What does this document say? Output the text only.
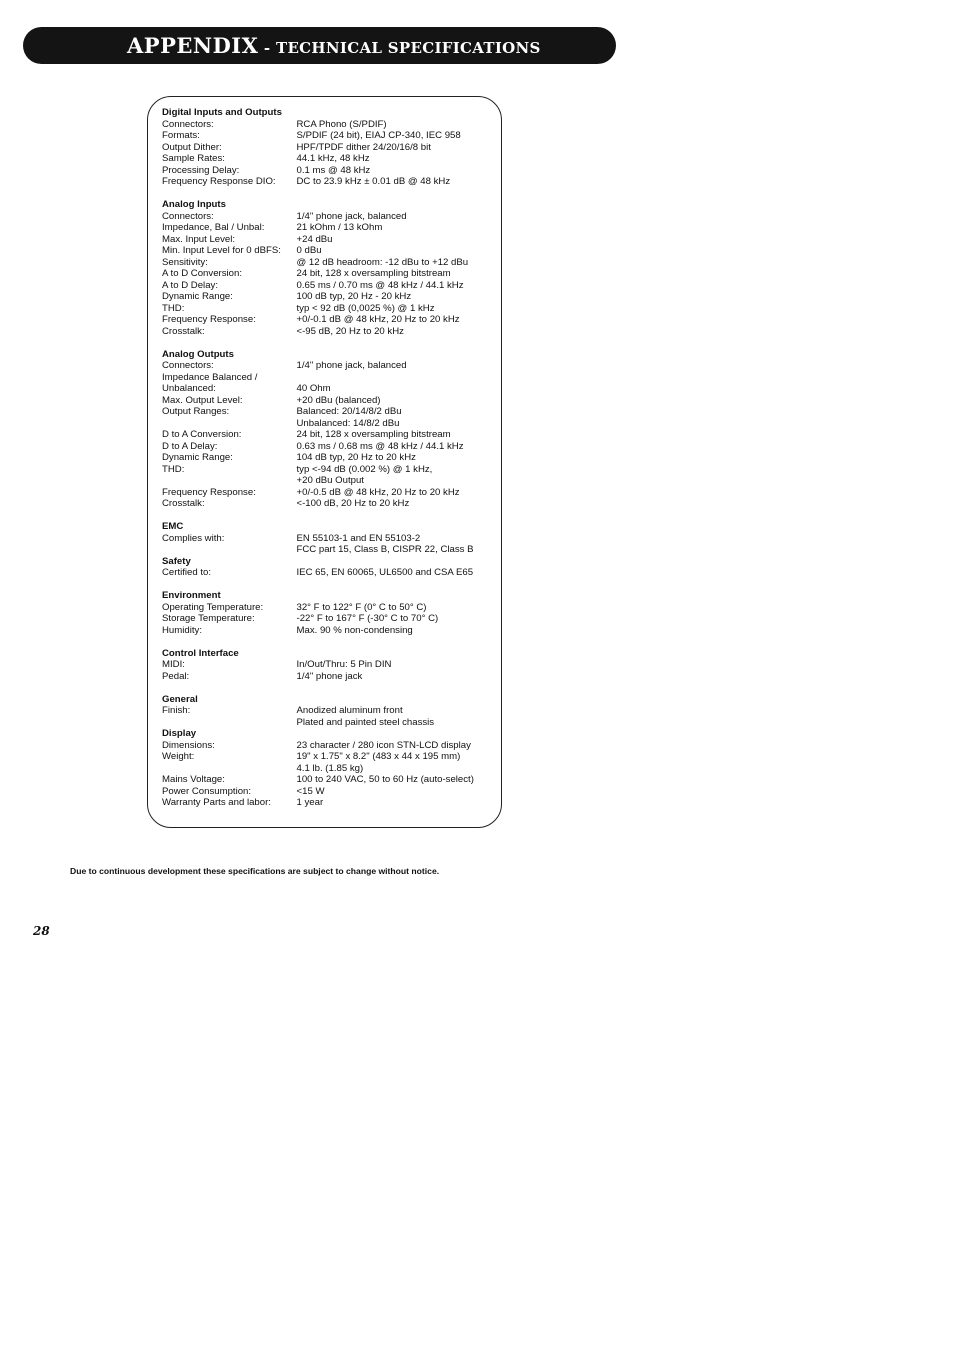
APPENDIX - TECHNICAL SPECIFICATIONS
Digital Inputs and Outputs
Connectors:	RCA Phono (S/PDIF)
Formats:	S/PDIF (24 bit), EIAJ CP-340, IEC 958
Output Dither:	HPF/TPDF dither 24/20/16/8 bit
Sample Rates:	44.1 kHz, 48 kHz
Processing Delay:	0.1 ms @ 48 kHz
Frequency Response DIO:	DC to 23.9 kHz ± 0.01 dB @ 48 kHz
Analog Inputs
Connectors:	1/4" phone jack, balanced
Impedance, Bal / Unbal:	21 kOhm / 13 kOhm
Max. Input Level:	+24 dBu
Min. Input Level for 0 dBFS:	0 dBu
Sensitivity:	@ 12 dB headroom: -12 dBu to +12 dBu
A to D Conversion:	24 bit, 128 x oversampling bitstream
A to D Delay:	0.65 ms / 0.70 ms @ 48 kHz / 44.1 kHz
Dynamic Range:	100 dB typ, 20 Hz - 20 kHz
THD:	typ < 92 dB (0,0025 %) @ 1 kHz
Frequency Response:	+0/-0.1 dB @ 48 kHz, 20 Hz to 20 kHz
Crosstalk:	<-95 dB, 20 Hz to 20 kHz
Analog Outputs
Connectors:	1/4" phone jack, balanced
Impedance Balanced /
Unbalanced:	40 Ohm
Max. Output Level:	+20 dBu (balanced)
Output Ranges:	Balanced: 20/14/8/2 dBu
Unbalanced: 14/8/2 dBu
D to A Conversion:	24 bit, 128 x oversampling bitstream
D to A Delay:	0.63 ms / 0.68 ms @ 48 kHz / 44.1 kHz
Dynamic Range:	104 dB typ, 20 Hz to 20 kHz
THD:	typ <-94 dB (0.002 %) @ 1 kHz,
+20 dBu Output
Frequency Response:	+0/-0.5 dB @ 48 kHz, 20 Hz to 20 kHz
Crosstalk:	<-100 dB, 20 Hz to 20 kHz
EMC
Complies with:	EN 55103-1 and EN 55103-2
FCC part 15, Class B, CISPR 22, Class B
Safety
Certified to:	IEC 65, EN 60065, UL6500 and CSA E65
Environment
Operating Temperature:	32° F to 122° F (0° C to 50° C)
Storage Temperature:	-22° F to 167° F (-30° C to 70° C)
Humidity:	Max. 90 % non-condensing
Control Interface
MIDI:	In/Out/Thru: 5 Pin DIN
Pedal:	1/4" phone jack
General
Finish:	Anodized aluminum front
Plated and painted steel chassis
Display
Dimensions:	23 character / 280 icon STN-LCD display
Weight:	19" x 1.75" x 8.2" (483 x 44 x 195 mm)
4.1 lb. (1.85 kg)
Mains Voltage:	100 to 240 VAC, 50 to 60 Hz (auto-select)
Power Consumption:	<15 W
Warranty Parts and labor:	1 year
Due to continuous development these specifications are subject to change without notice.
28
